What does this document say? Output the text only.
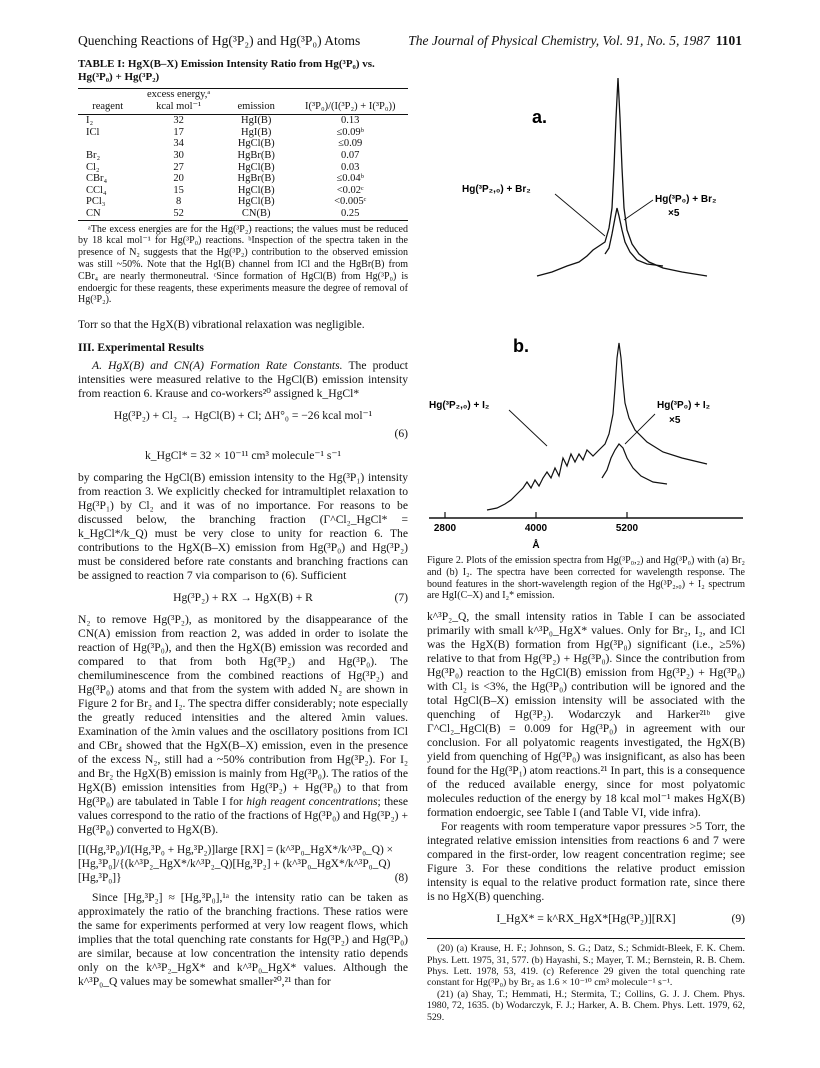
Quenching Reactions of Hg(³P₂) and Hg(³P₀) Atoms	The Journal of Physical Chemistry, Vol. 91, No. 5, 1987 1101
TABLE I: HgX(B–X) Emission Intensity Ratio from Hg(³P₀) vs. Hg(³P₀) + Hg(³P₂)
reagent	excess energy,ᵃ kcal mol⁻¹	emission	I(³P₀)/(I(³P₂) + I(³P₀))

I₂	32	HgI(B)	0.13
ICl	17	HgI(B)	≤0.09ᵇ
	34	HgCl(B)	≤0.09
Br₂	30	HgBr(B)	0.07
Cl₂	27	HgCl(B)	0.03
CBr₄	20	HgBr(B)	≤0.04ᵇ
CCl₄	15	HgCl(B)	<0.02ᶜ
PCl₃	8	HgCl(B)	<0.005ᶜ
CN	52	CN(B)	0.25
ᵃThe excess energies are for the Hg(³P₂) reactions; the values must be reduced by 18 kcal mol⁻¹ for Hg(³P₀) reactions. ᵇInspection of the spectra taken in the presence of N₂ suggests that the Hg(³P₂) contribution to the observed emission was still ~50%. Note that the HgI(B) channel from ICl and the HgBr(B) from CBr₄ are nearly thermoneutral. ᶜSince formation of HgCl(B) from Hg(³P₀) is endoergic for these reagents, these experiments measure the degree of removal of Hg(³P₂).

Torr so that the HgX(B) vibrational relaxation was negligible.

III. Experimental Results

A. HgX(B) and CN(A) Formation Rate Constants. The product intensities were measured relative to the HgCl(B) emission intensity from reaction 6. Krause and co-workers²⁰ assigned k_HgCl*

Hg(³P₂) + Cl₂ → HgCl(B) + Cl; ΔH°₀ = −26 kcal mol⁻¹
(6)

k_HgCl* = 32 × 10⁻¹¹ cm³ molecule⁻¹ s⁻¹

by comparing the HgCl(B) emission intensity to the Hg(³P₁) intensity from reaction 3. We explicitly checked for intramultiplet relaxation to Hg(³P₁) by Cl₂ and it was of no importance. For reasons to be discussed below, the branching fraction (Γ^Cl₂_HgCl* = k_HgCl*/k_Q) must be very close to unity for reaction 6. The contributions to the HgX(B–X) emission from Hg(³P₀) and Hg(³P₂) must be considered before rate constants and branching fractions can be assigned to reaction 7 via comparison to (6). Sufficient

Hg(³P₂) + RX → HgX(B) + R	(7)

N₂ to remove Hg(³P₂), as monitored by the disappearance of the CN(A) emission from reaction 2, was added in order to isolate the reaction of Hg(³P₀), and then the HgX(B) emission was recorded and compared to that from both Hg(³P₂) and Hg(³P₀). The chemiluminescence from the combined reactions of Hg(³P₂) and Hg(³P₀) atoms and that from the system with added N₂ are shown in Figure 2 for Br₂ and I₂. The spectra differ considerably; note especially the greatly reduced intensities and the altered λmin values. Examination of the λmin values and the oscillatory positions from ICl and CBr₄ showed that the HgX(B–X) emission, even in the presence of the excess N₂, still had a ~50% contribution from Hg(³P₂). For I₂ and Br₂ the HgX(B) emission is mainly from Hg(³P₀). The ratios of the HgX(B) emission intensities from Hg(³P₂) + Hg(³P₀) to that from Hg(³P₀) are tabulated in Table I for high reagent concentrations; these values correspond to the ratio of the fractions of Hg(³P₀) and Hg(³P₂) + Hg(³P₀) converted to HgX(B).

[I(Hg,³P₀)/I(Hg,³P₀ + Hg,³P₂)]large [RX] = (k^³P₀_HgX*/k^³P₀_Q) ×
[Hg,³P₀]/{(k^³P₂_HgX*/k^³P₂_Q)[Hg,³P₂] + (k^³P₀_HgX*/k^³P₀_Q)[Hg,³P₀]}	(8)

Since [Hg,³P₂] ≈ [Hg,³P₀],¹ᵃ the intensity ratio can be taken as approximately the ratio of the branching fractions. These ratios were the same for experiments performed at very low reagent flows, which implies that the total quenching rate constants for Hg(³P₂) and Hg(³P₀) are similar, because at low concentration the intensity ratio depends only on the k^³P₂_HgX* and k^³P₀_HgX* values. Although the k^³P₀_Q values may be somewhat smaller²⁰,²¹ than for

a.
Hg(³P₂,₀) + Br₂
Hg(³P₀) + Br₂
×5
b.
Hg(³P₂,₀) + I₂	Hg(³P₀) + I₂
×5
2800	4000	5200
Å
Figure 2. Plots of the emission spectra from Hg(³P₀,₂) and Hg(³P₀) with (a) Br₂ and (b) I₂. The spectra have been corrected for wavelength response. The bound features in the short-wavelength region of the Hg(³P₂,₀) + I₂ spectrum are HgI(C–X) and I₂* emission.

k^³P₂_Q, the small intensity ratios in Table I can be associated primarily with small k^³P₀_HgX* values. Only for Br₂, I₂, and ICl was the HgX(B) formation from Hg(³P₀) significant (i.e., ≥5%) relative to that from Hg(³P₂) + Hg(³P₀). Since the contribution from Hg(³P₀) reaction to the HgCl(B) emission from Hg(³P₂) + Hg(³P₀) with Cl₂ is <3%, the Hg(³P₀) contribution will be ignored and the total HgCl(B–X) emission intensity will be associated with the quenching of Hg(³P₂). Wodarczyk and Harker²¹ᵇ give Γ^Cl₂_HgCl(B) = 0.009 for Hg(³P₀) in agreement with our conclusion. For all polyatomic reagents investigated, the HgX(B) yield from quenching of Hg(³P₀) was insignificant, as also has been found for the Hg(³P₁) atom reactions.²¹ In part, this is a consequence of the reduced available energy, since for most polyatomic molecules reduction of the energy by 18 kcal mol⁻¹ makes HgX(B) formation endoergic, see Table I (and Table VI, vide infra).

For reagents with room temperature vapor pressures >5 Torr, the integrated relative emission intensities from reactions 6 and 7 were compared in the first-order, low reagent concentration regime; see Figure 3. For these conditions the relative product emission intensity is equal to the relative product formation rate, since there is no HgX(B) quenching.

I_HgX* = k^RX_HgX*[Hg(³P₂)][RX]	(9)

(20) (a) Krause, H. F.; Johnson, S. G.; Datz, S.; Schmidt-Bleek, F. K. Chem. Phys. Lett. 1975, 31, 577. (b) Hayashi, S.; Mayer, T. M.; Bernstein, R. B. Chem. Phys. Lett. 1978, 53, 419. (c) Reference 29 given the total quenching rate constant for Hg(³P₀) by Br₂ as 1.6 × 10⁻¹⁰ cm³ molecule⁻¹ s⁻¹.

(21) (a) Shay, T.; Hemmati, H.; Stermita, T.; Collins, G. J. J. Chem. Phys. 1980, 72, 1635. (b) Wodarczyk, F. J.; Harker, A. B. Chem. Phys. Lett. 1979, 62, 529.
